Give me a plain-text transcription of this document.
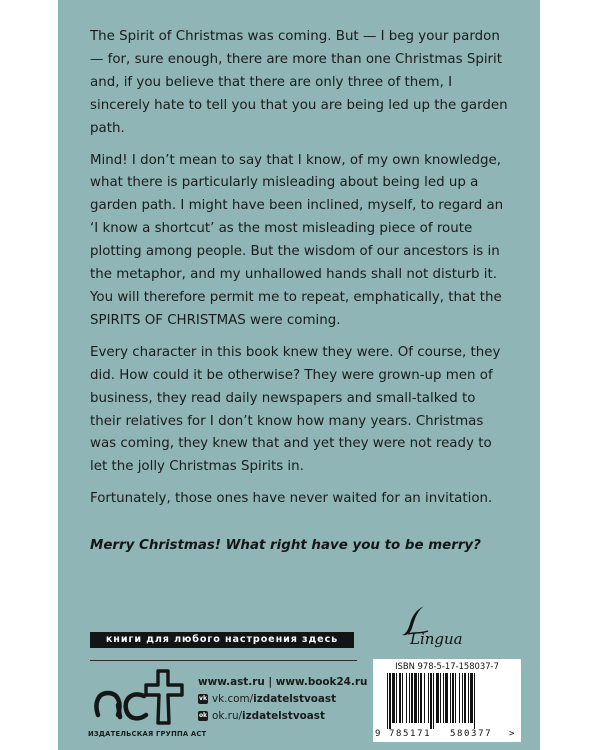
The Spirit of Christmas was coming. But — I beg your pardon — for, sure enough, there are more than one Christmas Spirit and, if you believe that there are only three of them, I sincerely hate to tell you that you are being led up the garden path.

Mind! I don’t mean to say that I know, of my own knowledge, what there is particularly misleading about being led up a garden path. I might have been inclined, myself, to regard an ‘I know a shortcut’ as the most misleading piece of route plotting among people. But the wisdom of our ancestors is in the metaphor, and my unhallowed hands shall not disturb it. You will therefore permit me to repeat, emphatically, that the SPIRITS OF CHRISTMAS were coming.

Every character in this book knew they were. Of course, they did. How could it be otherwise? They were grown-up men of business, they read daily newspapers and small-talked to their relatives for I don’t know how many years. Christmas was coming, they knew that and yet they were not ready to let the jolly Christmas Spirits in.

Fortunately, those ones have never waited for an invitation.

Merry Christmas! What right have you to be merry?
книги для любого настроения здесь
ИЗДАТЕЛЬСКАЯ ГРУППА АСТ
www.ast.ru | www.book24.ru
vk vk.com/ izdatelstvoast
ok ok.ru/ izdatelstvoast
Lingua
ISBN 978-5-17-158037-7
9 785171 580377 >
